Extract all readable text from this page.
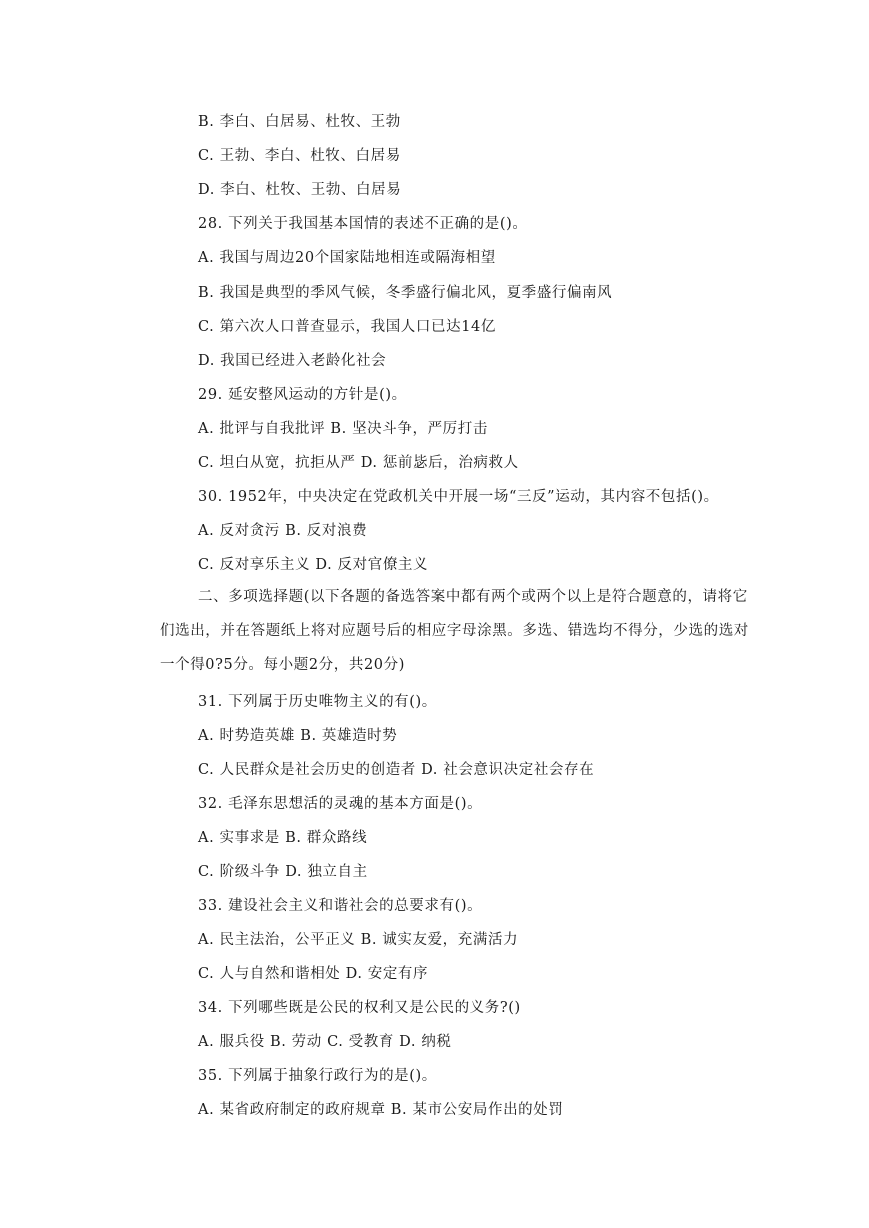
B. 李白、白居易、杜牧、王勃
C. 王勃、李白、杜牧、白居易
D. 李白、杜牧、王勃、白居易
28. 下列关于我国基本国情的表述不正确的是()。
A. 我国与周边20个国家陆地相连或隔海相望
B. 我国是典型的季风气候，冬季盛行偏北风，夏季盛行偏南风
C. 第六次人口普查显示，我国人口已达14亿
D. 我国已经进入老龄化社会
29. 延安整风运动的方针是()。
A. 批评与自我批评 B. 坚决斗争，严厉打击
C. 坦白从宽，抗拒从严 D. 惩前毖后，治病救人
30. 1952年，中央决定在党政机关中开展一场“三反”运动，其内容不包括()。
A. 反对贪污 B. 反对浪费
C. 反对享乐主义 D. 反对官僚主义
二、多项选择题(以下各题的备选答案中都有两个或两个以上是符合题意的，请将它们选出，并在答题纸上将对应题号后的相应字母涂黑。多选、错选均不得分，少选的选对一个得0?5分。每小题2分，共20分)
31. 下列属于历史唯物主义的有()。
A. 时势造英雄 B. 英雄造时势
C. 人民群众是社会历史的创造者 D. 社会意识决定社会存在
32. 毛泽东思想活的灵魂的基本方面是()。
A. 实事求是 B. 群众路线
C. 阶级斗争 D. 独立自主
33. 建设社会主义和谐社会的总要求有()。
A. 民主法治，公平正义 B. 诚实友爱，充满活力
C. 人与自然和谐相处 D. 安定有序
34. 下列哪些既是公民的权利又是公民的义务?()
A. 服兵役 B. 劳动 C. 受教育 D. 纳税
35. 下列属于抽象行政行为的是()。
A. 某省政府制定的政府规章 B. 某市公安局作出的处罚
